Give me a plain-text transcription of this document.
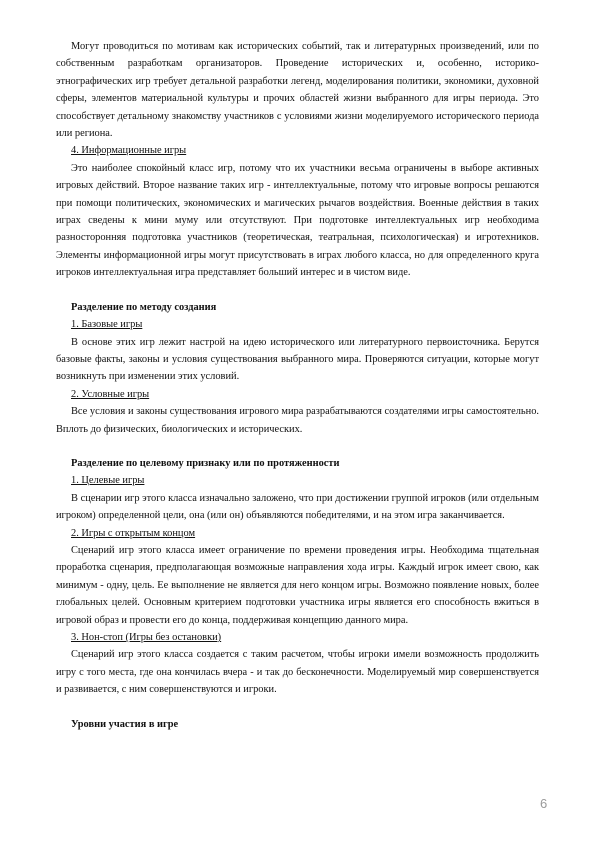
Могут проводиться по мотивам как исторических событий, так и литературных произведений, или по собственным разработкам организаторов. Проведение исторических и, особенно, историко-этнографических игр требует детальной разработки легенд, моделирования политики, экономики, духовной сферы, элементов материальной культуры и прочих областей жизни выбранного для игры периода. Это способствует детальному знакомству участников с условиями жизни моделируемого исторического периода или региона.

4. Информационные игры

Это наиболее спокойный класс игр, потому что их участники весьма ограничены в выборе активных игровых действий. Второе название таких игр - интеллектуальные, потому что игровые вопросы решаются при помощи политических, экономических и магических рычагов воздействия. Военные действия в таких играх сведены к мини муму или отсутствуют. При подготовке интеллектуальных игр необходима разносторонняя подготовка участников (теоретическая, театральная, психологическая) и игротехников. Элементы информационной игры могут присутствовать в играх любого класса, но для определенного круга игроков интеллектуальная игра представляет больший интерес и в чистом виде.

Разделение по методу создания

1. Базовые игры

В основе этих игр лежит настрой на идею исторического или литературного первоисточника. Берутся базовые факты, законы и условия существования выбранного мира. Проверяются ситуации, которые могут возникнуть при изменении этих условий.

2. Условные игры

Все условия и законы существования игрового мира разрабатываются создателями игры самостоятельно. Вплоть до физических, биологических и исторических.

Разделение по целевому признаку или по протяженности

1. Целевые игры

В сценарии игр этого класса изначально заложено, что при достижении группой игроков (или отдельным игроком) определенной цели, она (или он) объявляются победителями, и на этом игра заканчивается.

2. Игры с открытым концом

Сценарий игр этого класса имеет ограничение по времени проведения игры. Необходима тщательная проработка сценария, предполагающая возможные направления хода игры. Каждый игрок имеет свою, как минимум - одну, цель. Ее выполнение не является для него концом игры. Возможно появление новых, более глобальных целей. Основным критерием подготовки участника игры является его способность вжиться в игровой образ и провести его до конца, поддерживая концепцию данного мира.

3. Нон-стоп (Игры без остановки)

Сценарий игр этого класса создается с таким расчетом, чтобы игроки имели возможность продолжить игру с того места, где она кончилась вчера - и так до бесконечности. Моделируемый мир совершенствуется и развивается, с ним совершенствуются и игроки.

Уровни участия в игре

6
